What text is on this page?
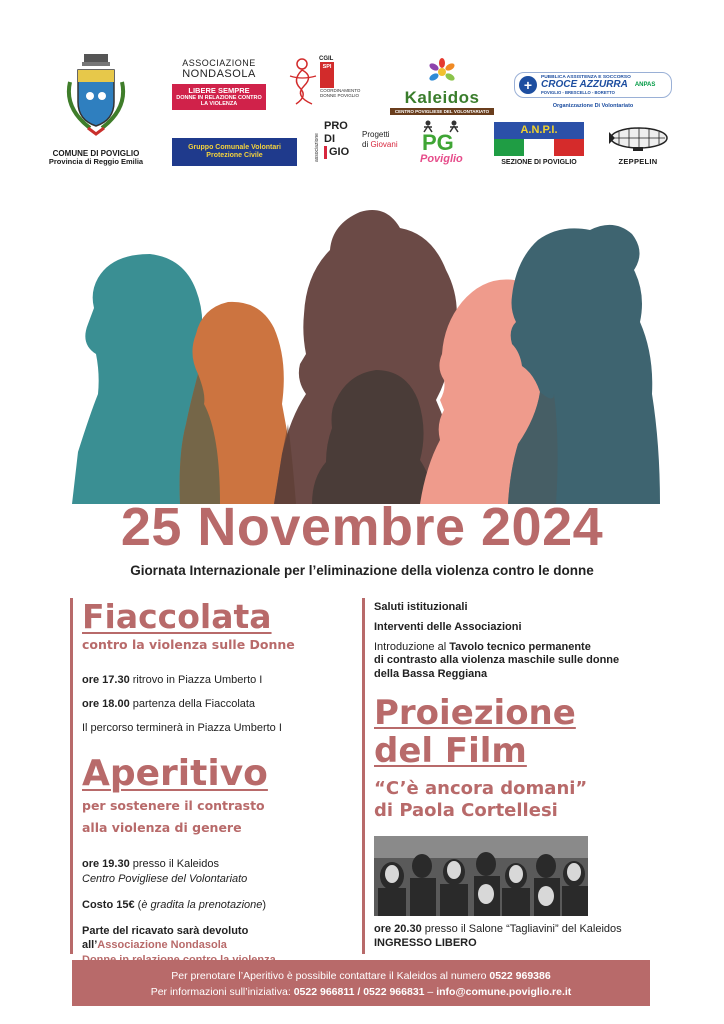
COMUNE DI POVIGLIO
Provincia di Reggio Emilia
ASSOCIAZIONE
NONDASOLA
LIBERE SEMPRE
DONNE IN RELAZIONE CONTRO LA VIOLENZA
Gruppo Comunale Volontari
Protezione Civile
CGIL
SPI
COORDINAMENTO DONNE POVIGLIO
associazione
PRO
DI
GIO
Progetti
di Giovani
Kaleidos
CENTRO POVIGLIESE DEL VOLONTARIATO
PG
Poviglio
+	PUBBLICA ASSISTENZA E SOCCORSO
CROCE AZZURRA
POVIGLIO - BRESCELLO - BORETTO
ANPAS
Organizzazione Di Volontariato
A.N.P.I.
SEZIONE DI POVIGLIO	ZEPPELIN
25 Novembre 2024
Giornata Internazionale per l’eliminazione della violenza contro le donne
Fiaccolata
contro la violenza sulle Donne
ore 17.30 ritrovo in Piazza Umberto I
ore 18.00 partenza della Fiaccolata
Il percorso terminerà in Piazza Umberto I
Aperitivo
per sostenere il contrasto
alla violenza di genere
ore 19.30 presso il Kaleidos
Centro Povigliese del Volontariato
Costo 15€ (è gradita la prenotazione)
Parte del ricavato sarà devoluto
all’Associazione Nondasola
Saluti istituzionali
Interventi delle Associazioni
Introduzione al Tavolo tecnico permanente
di contrasto alla violenza maschile sulle donne
della Bassa Reggiana
Proiezione
del Film
“C’è ancora domani”
di Paola Cortellesi
ore 20.30 presso il Salone “Tagliavini” del Kaleidos
INGRESSO LIBERO
Per prenotare l’Aperitivo è possibile contattare il Kaleidos al numero 0522 969386
Per informazioni sull’iniziativa: 0522 966811 / 0522 966831 – info@comune.poviglio.re.it
